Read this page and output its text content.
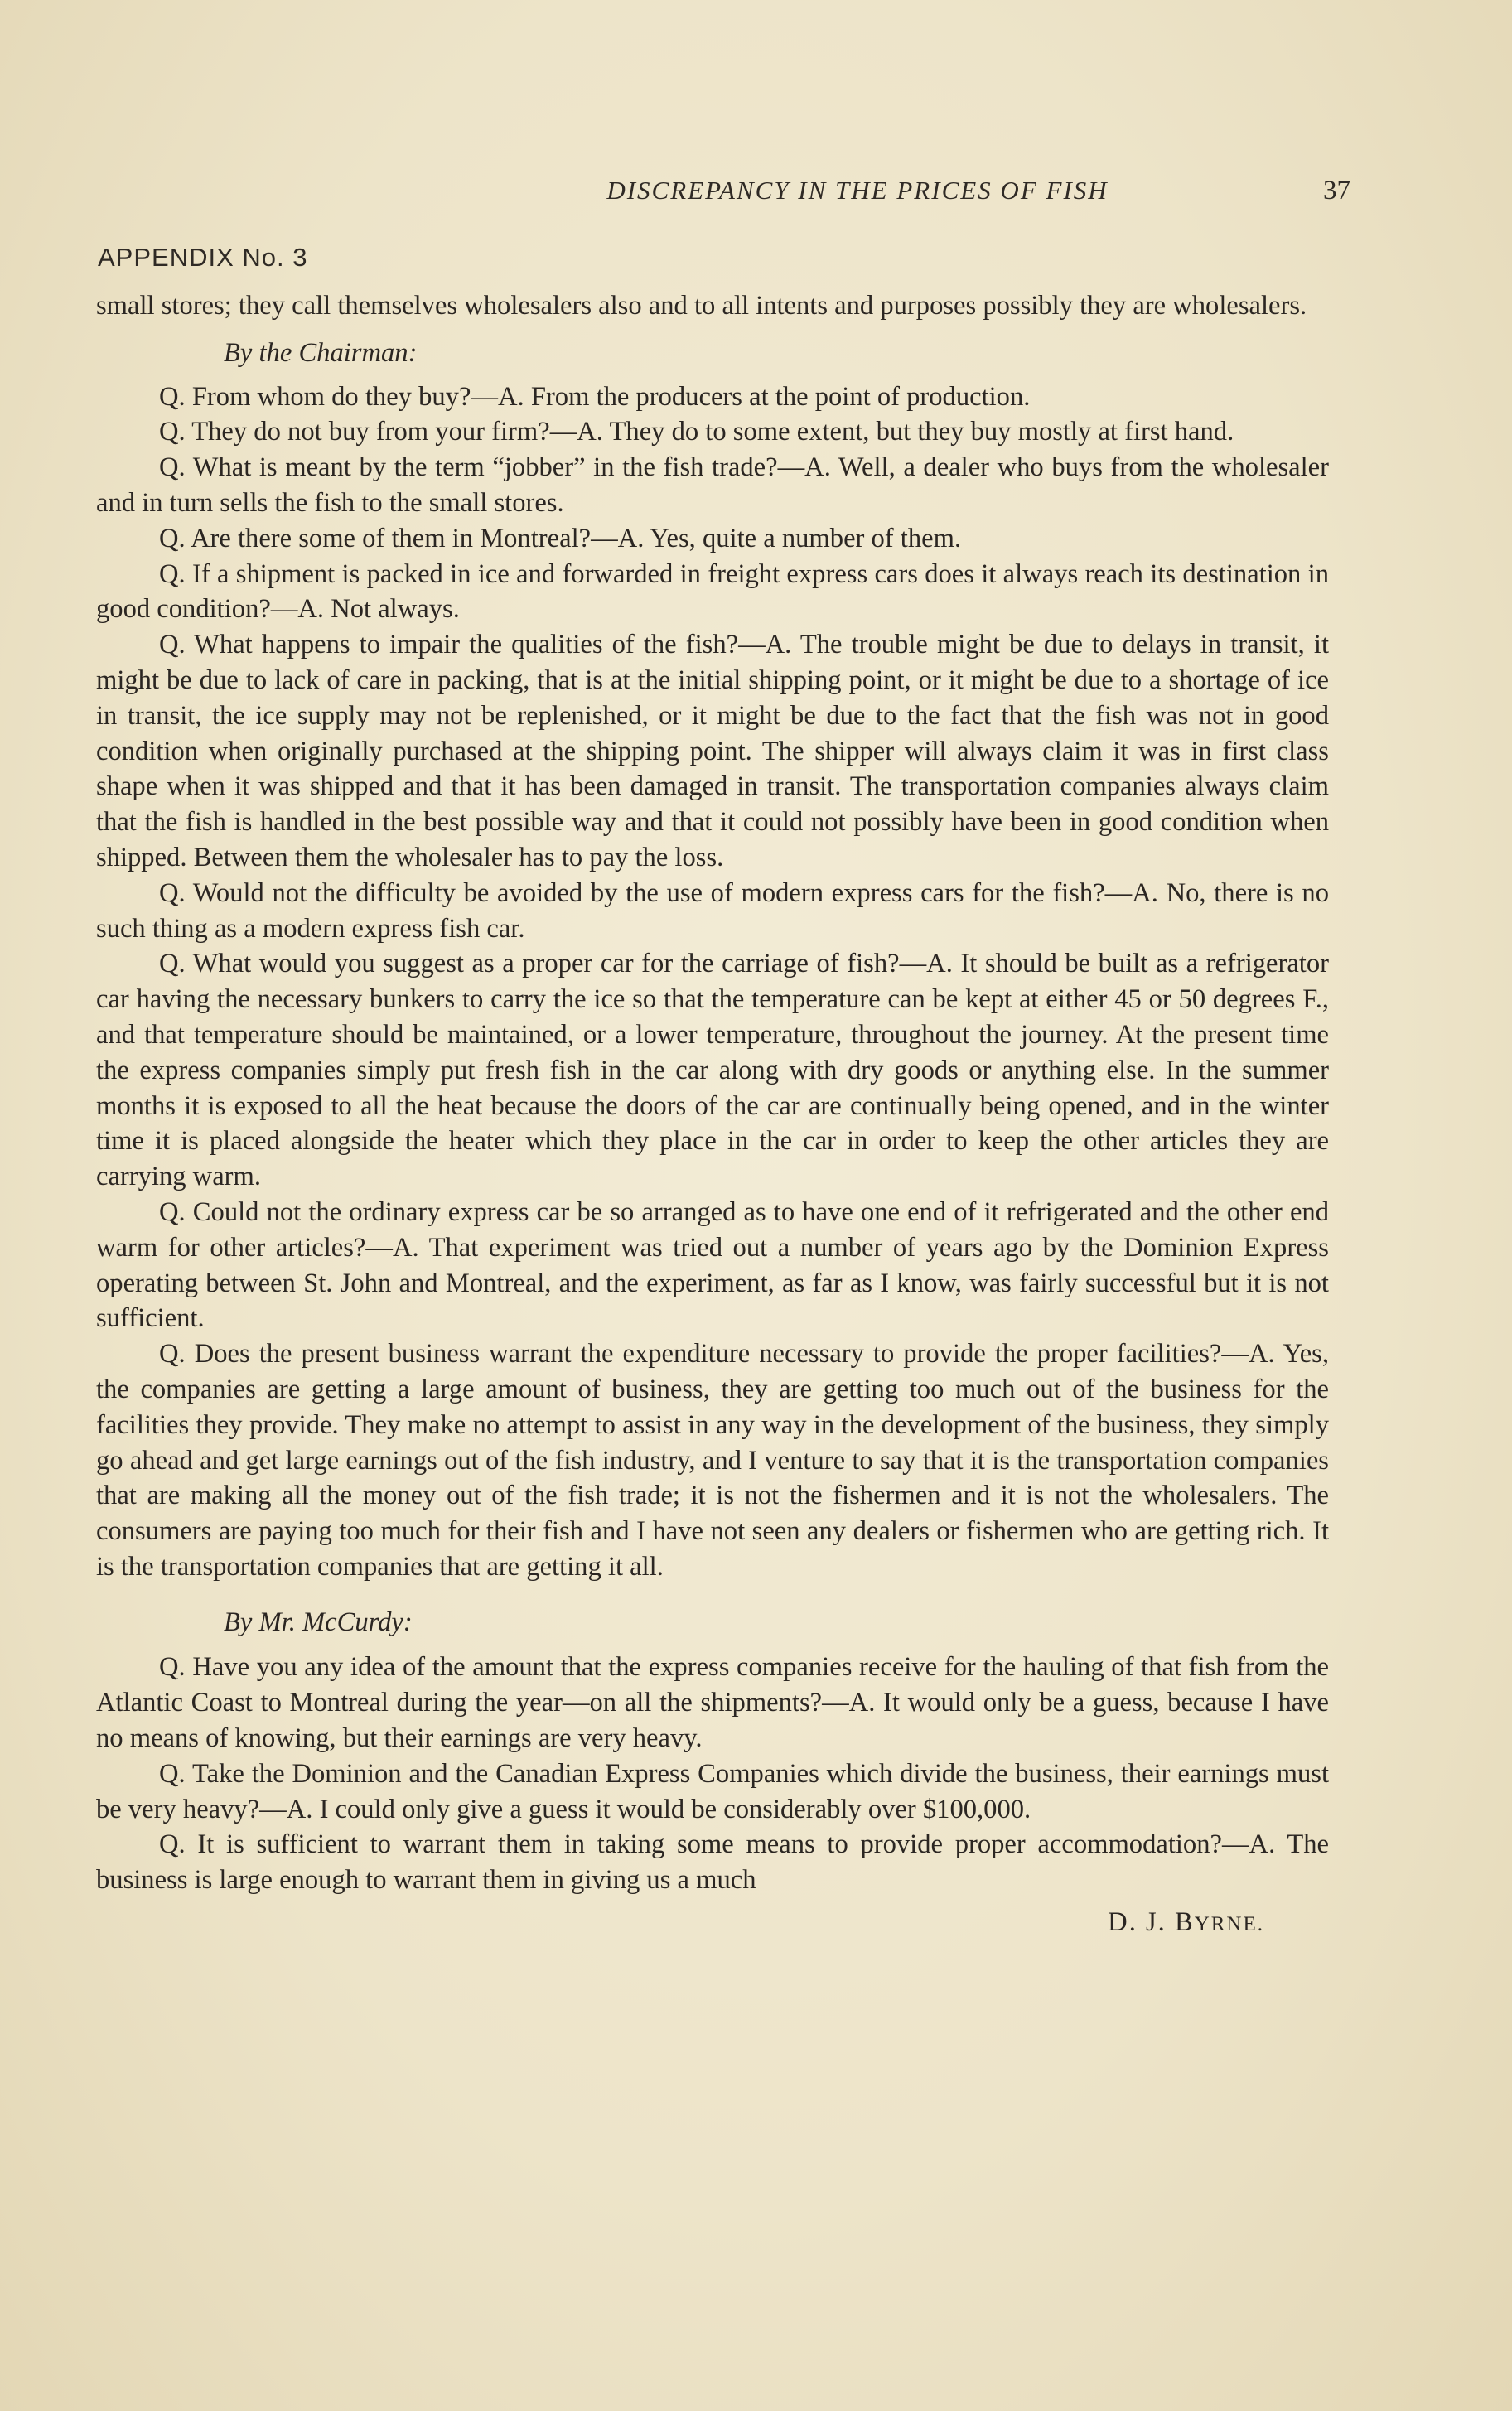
DISCREPANCY IN THE PRICES OF FISH	37
APPENDIX No. 3

small stores; they call themselves wholesalers also and to all intents and purposes possibly they are wholesalers.

By the Chairman:

Q. From whom do they buy?—A. From the producers at the point of production.

Q. They do not buy from your firm?—A. They do to some extent, but they buy mostly at first hand.

Q. What is meant by the term “jobber” in the fish trade?—A. Well, a dealer who buys from the wholesaler and in turn sells the fish to the small stores.

Q. Are there some of them in Montreal?—A. Yes, quite a number of them.

Q. If a shipment is packed in ice and forwarded in freight express cars does it always reach its destination in good condition?—A. Not always.

Q. What happens to impair the qualities of the fish?—A. The trouble might be due to delays in transit, it might be due to lack of care in packing, that is at the initial shipping point, or it might be due to a shortage of ice in transit, the ice supply may not be replenished, or it might be due to the fact that the fish was not in good condition when originally purchased at the shipping point. The shipper will always claim it was in first class shape when it was shipped and that it has been damaged in transit. The transportation companies always claim that the fish is handled in the best possible way and that it could not possibly have been in good condition when shipped. Between them the wholesaler has to pay the loss.

Q. Would not the difficulty be avoided by the use of modern express cars for the fish?—A. No, there is no such thing as a modern express fish car.

Q. What would you suggest as a proper car for the carriage of fish?—A. It should be built as a refrigerator car having the necessary bunkers to carry the ice so that the temperature can be kept at either 45 or 50 degrees F., and that temperature should be maintained, or a lower temperature, throughout the journey. At the present time the express companies simply put fresh fish in the car along with dry goods or anything else. In the summer months it is exposed to all the heat because the doors of the car are continually being opened, and in the winter time it is placed alongside the heater which they place in the car in order to keep the other articles they are carrying warm.

Q. Could not the ordinary express car be so arranged as to have one end of it refrigerated and the other end warm for other articles?—A. That experiment was tried out a number of years ago by the Dominion Express operating between St. John and Montreal, and the experiment, as far as I know, was fairly successful but it is not sufficient.

Q. Does the present business warrant the expenditure necessary to provide the proper facilities?—A. Yes, the companies are getting a large amount of business, they are getting too much out of the business for the facilities they provide. They make no attempt to assist in any way in the development of the business, they simply go ahead and get large earnings out of the fish industry, and I venture to say that it is the transportation companies that are making all the money out of the fish trade; it is not the fishermen and it is not the wholesalers. The consumers are paying too much for their fish and I have not seen any dealers or fishermen who are getting rich. It is the transportation companies that are getting it all.

By Mr. McCurdy:

Q. Have you any idea of the amount that the express companies receive for the hauling of that fish from the Atlantic Coast to Montreal during the year—on all the shipments?—A. It would only be a guess, because I have no means of knowing, but their earnings are very heavy.

Q. Take the Dominion and the Canadian Express Companies which divide the business, their earnings must be very heavy?—A. I could only give a guess it would be considerably over $100,000.

Q. It is sufficient to warrant them in taking some means to provide proper accommodation?—A. The business is large enough to warrant them in giving us a much

D. J. BYRNE.
